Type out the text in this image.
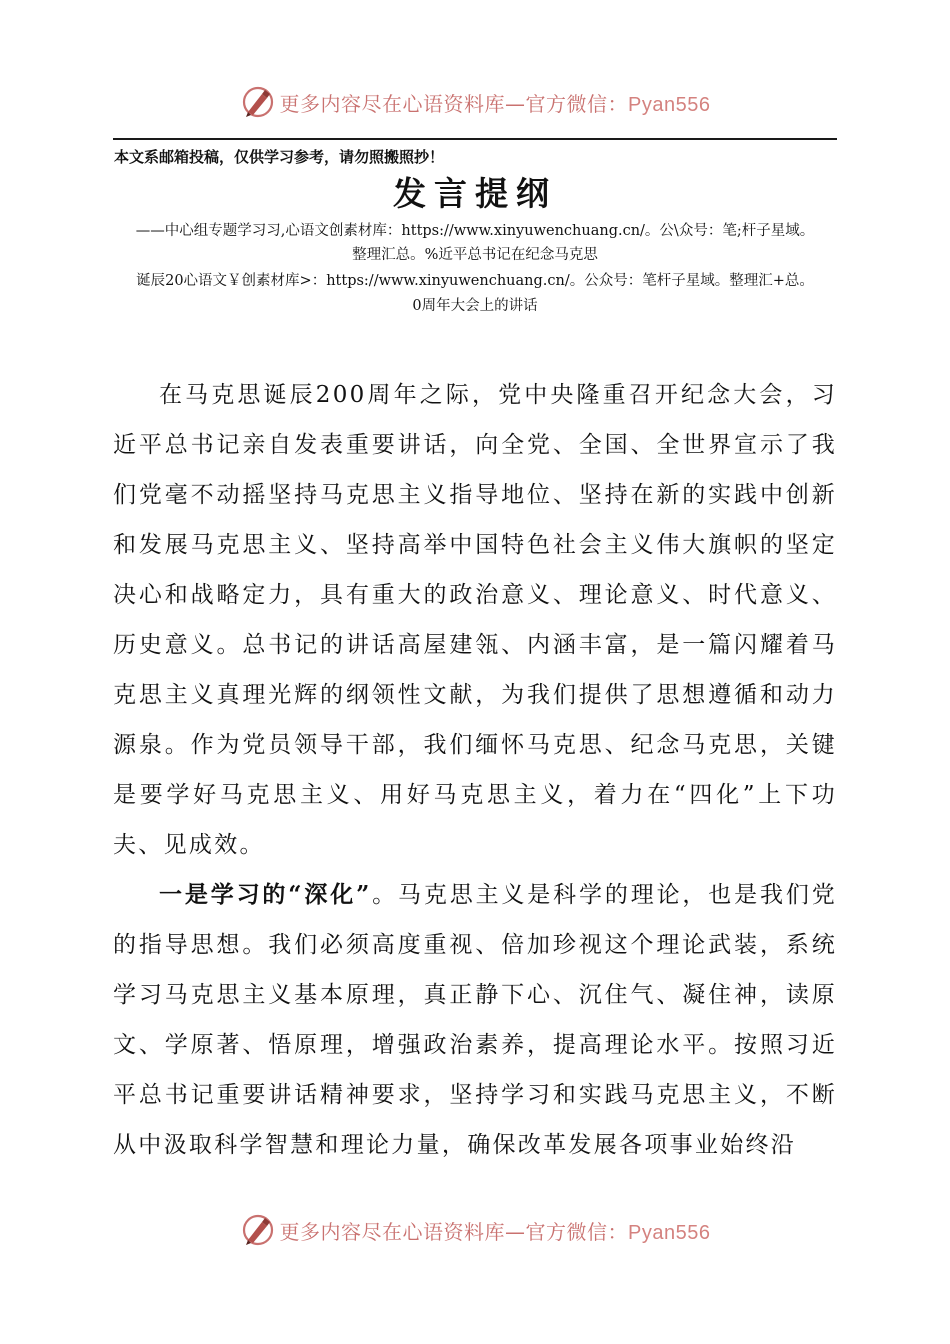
更多内容尽在心语资料库—官方微信：Pyan556
本文系邮箱投稿，仅供学习参考，请勿照搬照抄！
发言提纲
——中心组专题学习习,心语文创素材库：https://www.xinyuwenchuang.cn/。公\众号：笔;杆子星域。
整理汇总。%近平总书记在纪念马克思
诞辰20心语文￥创素材库>：https://www.xinyuwenchuang.cn/。公众号：笔杆子星域。整理汇+总。
0周年大会上的讲话

在马克思诞辰200周年之际，党中央隆重召开纪念大会，习近平总书记亲自发表重要讲话，向全党、全国、全世界宣示了我们党毫不动摇坚持马克思主义指导地位、坚持在新的实践中创新和发展马克思主义、坚持高举中国特色社会主义伟大旗帜的坚定决心和战略定力，具有重大的政治意义、理论意义、时代意义、历史意义。总书记的讲话高屋建瓴、内涵丰富，是一篇闪耀着马克思主义真理光辉的纲领性文献，为我们提供了思想遵循和动力源泉。作为党员领导干部，我们缅怀马克思、纪念马克思，关键是要学好马克思主义、用好马克思主义，着力在“四化”上下功夫、见成效。

一是学习的“深化”。马克思主义是科学的理论，也是我们党的指导思想。我们必须高度重视、倍加珍视这个理论武装，系统学习马克思主义基本原理，真正静下心、沉住气、凝住神，读原文、学原著、悟原理，增强政治素养，提高理论水平。按照习近平总书记重要讲话精神要求，坚持学习和实践马克思主义，不断从中汲取科学智慧和理论力量，确保改革发展各项事业始终沿

更多内容尽在心语资料库—官方微信：Pyan556
